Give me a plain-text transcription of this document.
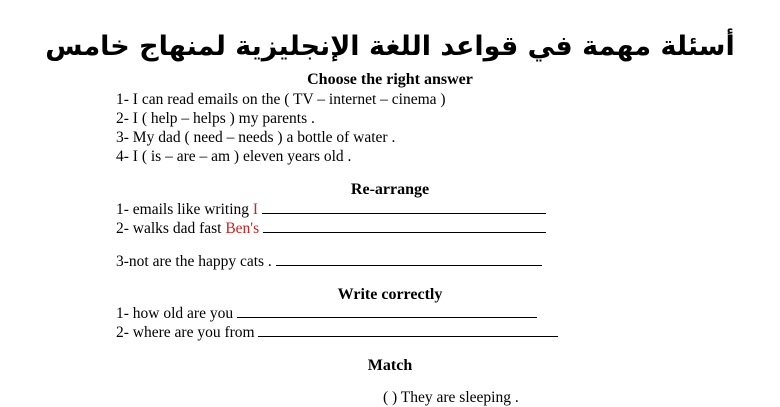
أسئلة مهمة في قواعد اللغة الإنجليزية لمنهاج خامس
Choose the right answer
1- I can read emails on the ( TV – internet – cinema )
2- I ( help – helps ) my parents .
3- My dad ( need – needs ) a bottle of water .
4- I ( is – are – am ) eleven years old .
Re-arrange
1- emails like writing I
2- walks dad fast Ben's
3-not are the happy cats .
Write correctly
1- how old are you
2- where are you from
Match
( ) They are sleeping .
